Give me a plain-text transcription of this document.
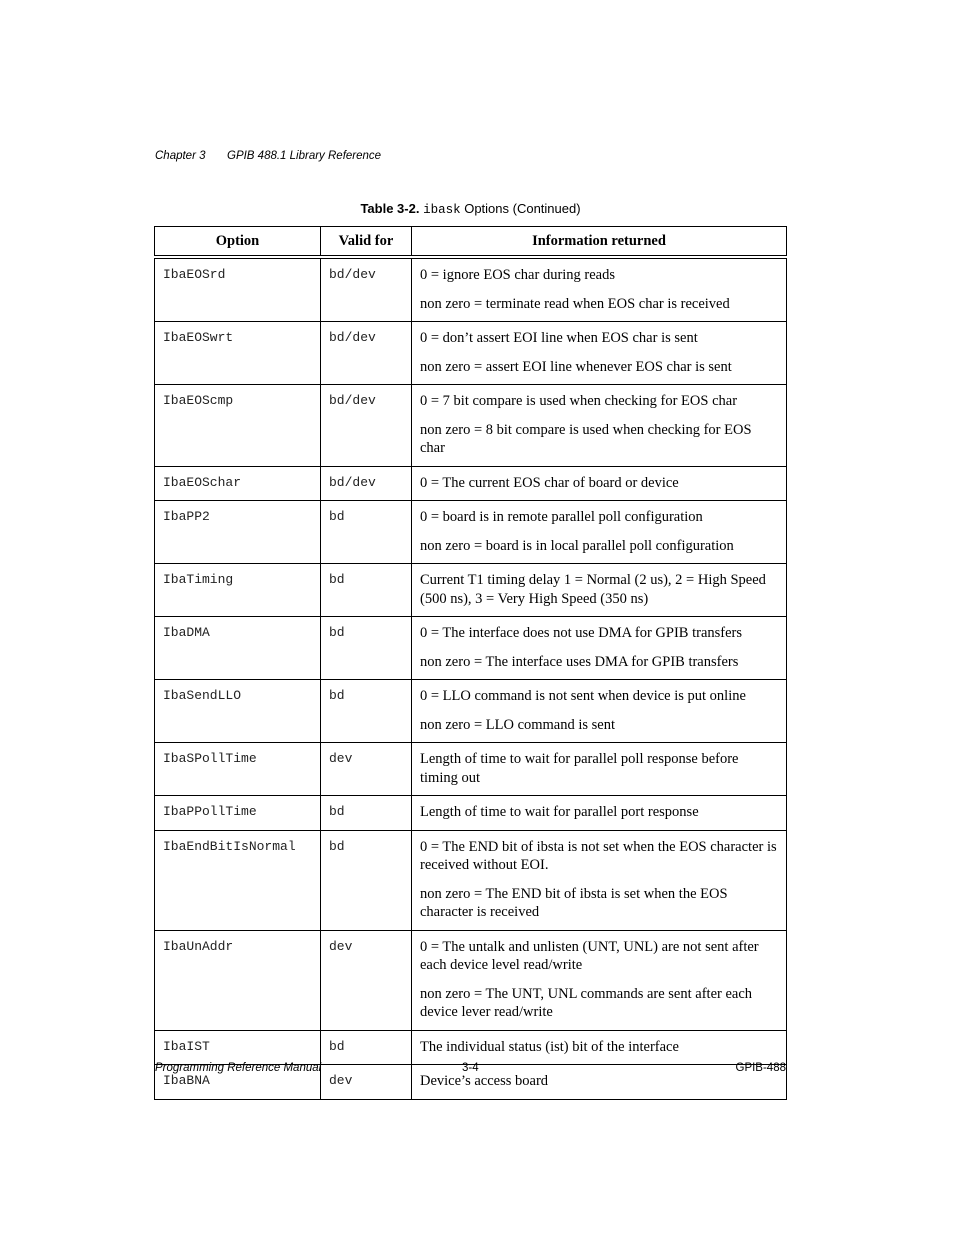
Chapter 3	GPIB 488.1 Library Reference
Table 3-2. ibask Options (Continued)
Option	Valid for	Information returned
IbaEOSrd	bd/dev	0 = ignore EOS char during reads

non zero = terminate read when EOS char is received

IbaEOSwrt	bd/dev	0 = don’t assert EOI line when EOS char is sent

non zero = assert EOI line whenever EOS char is sent

IbaEOScmp	bd/dev	0 = 7 bit compare is used when checking for EOS char

non zero = 8 bit compare is used when checking for EOS char

IbaEOSchar	bd/dev	0 = The current EOS char of board or device

IbaPP2	bd	0 = board is in remote parallel poll configuration

non zero = board is in local parallel poll configuration

IbaTiming	bd	Current T1 timing delay 1 = Normal (2 us), 2 = High Speed (500 ns), 3 = Very High Speed (350 ns)

IbaDMA	bd	0 = The interface does not use DMA for GPIB transfers

non zero = The interface uses DMA for GPIB transfers

IbaSendLLO	bd	0 = LLO command is not sent when device is put online

non zero = LLO command is sent

IbaSPollTime	dev	Length of time to wait for parallel poll response before timing out

IbaPPollTime	bd	Length of time to wait for parallel port response

IbaEndBitIsNormal	bd	0 = The END bit of ibsta is not set when the EOS character is received without EOI.

non zero = The END bit of ibsta is set when the EOS character is received

IbaUnAddr	dev	0 = The untalk and unlisten (UNT, UNL) are not sent after each device level read/write

non zero = The UNT, UNL commands are sent after each device lever read/write

IbaIST	bd	The individual status (ist) bit of the interface

IbaBNA	dev	Device’s access board

Programming Reference Manual	3-4	GPIB-488
